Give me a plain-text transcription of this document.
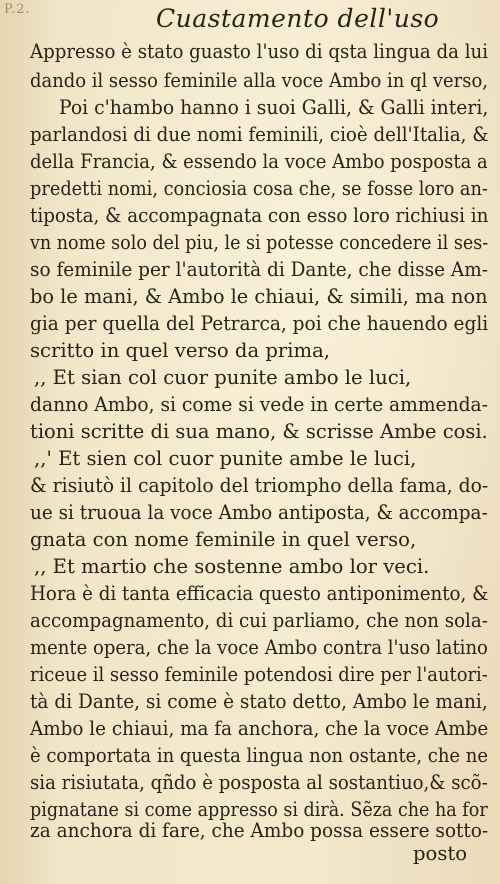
P.2.	Cuastamento dell'uso
Appresso è stato guasto l'uso di qsta lingua da lui
dando il sesso feminile alla voce Ambo in ql verso,
Poi c'hambo hanno i suoi Galli, & Galli interi,
parlandosi di due nomi feminili, cioè dell'Italia, &
della Francia, & essendo la voce Ambo posposta a
predetti nomi, conciosia cosa che, se fosse loro an-
tiposta, & accompagnata con esso loro richiusi in
vn nome solo del piu, le si potesse concedere il ses-
so feminile per l'autorità di Dante, che disse Am-
bo le mani, & Ambo le chiaui, & simili, ma non
gia per quella del Petrarca, poi che hauendo egli
scritto in quel verso da prima,
,, Et sian col cuor punite ambo le luci,
danno Ambo, si come si vede in certe ammenda-
tioni scritte di sua mano, & scrisse Ambe cosi.
,,' Et sien col cuor punite ambe le luci,
& risiutò il capitolo del triompho della fama, do-
ue si truoua la voce Ambo antiposta, & accompa-
gnata con nome feminile in quel verso,
,, Et martio che sostenne ambo lor veci.
Hora è di tanta efficacia questo antiponimento, &
accompagnamento, di cui parliamo, che non sola-
mente opera, che la voce Ambo contra l'uso latino
riceue il sesso feminile potendosi dire per l'autori-
tà di Dante, si come è stato detto, Ambo le mani,
Ambo le chiaui, ma fa anchora, che la voce Ambe
è comportata in questa lingua non ostante, che ne
sia risiutata, qñdo è posposta al sostantiuo,& scõ-
pignatane si come appresso si dirà. Sẽza che ha for
za anchora di fare, che Ambo possa essere sotto-
posto
